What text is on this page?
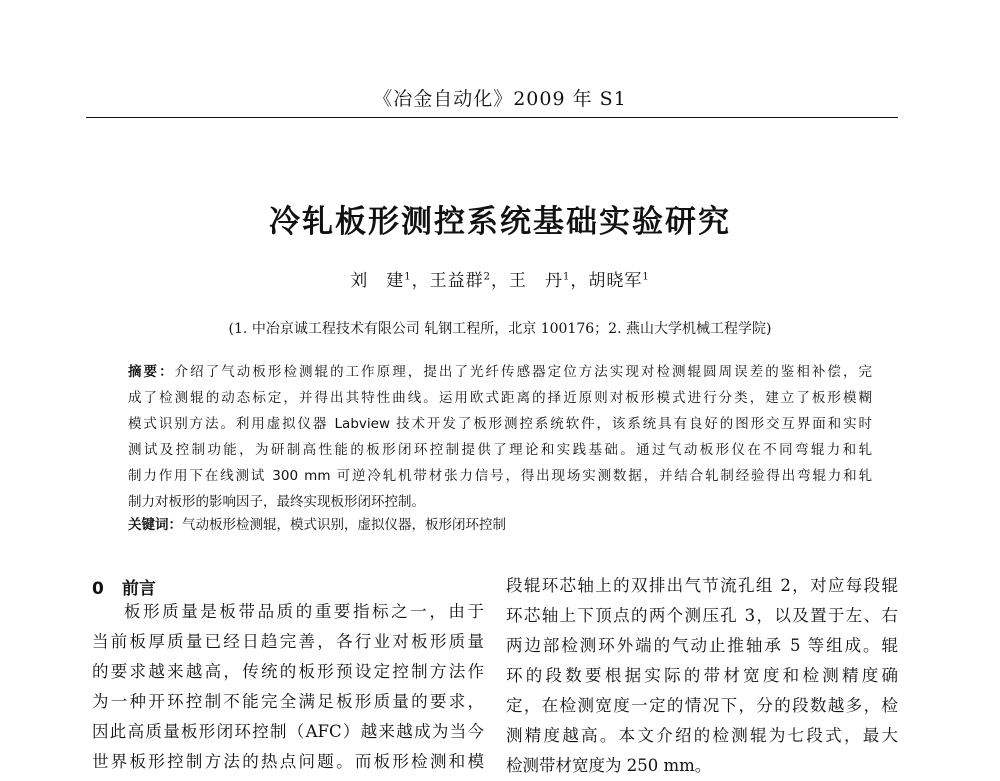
《冶金自动化》2009 年 S1
冷轧板形测控系统基础实验研究
刘　建$^1$，王益群$^2$，王　丹$^1$，胡晓军$^1$
(1. 中冶京诚工程技术有限公司 轧钢工程所，北京 100176；2. 燕山大学机械工程学院)
摘要：介绍了气动板形检测辊的工作原理，提出了光纤传感器定位方法实现对检测辊圆周误差的鉴相补偿，完
成了检测辊的动态标定，并得出其特性曲线。运用欧式距离的择近原则对板形模式进行分类，建立了板形模糊
模式识别方法。利用虚拟仪器 Labview 技术开发了板形测控系统软件，该系统具有良好的图形交互界面和实时
测试及控制功能，为研制高性能的板形闭环控制提供了理论和实践基础。通过气动板形仪在不同弯辊力和轧
制力作用下在线测试 300 mm 可逆冷轧机带材张力信号，得出现场实测数据，并结合轧制经验得出弯辊力和轧
制力对板形的影响因子，最终实现板形闭环控制。
关键词：气动板形检测辊，模式识别，虚拟仪器，板形闭环控制
0 前言
板形质量是板带品质的重要指标之一，由于
当前板厚质量已经日趋完善，各行业对板形质量
的要求越来越高，传统的板形预设定控制方法作
为一种开环控制不能完全满足板形质量的要求，
因此高质量板形闭环控制（AFC）越来越成为当今
世界板形控制方法的热点问题。而板形检测和模
段辊环芯轴上的双排出气节流孔组 2，对应每段辊
环芯轴上下顶点的两个测压孔 3，以及置于左、右
两边部检测环外端的气动止推轴承 5 等组成。辊
环的段数要根据实际的带材宽度和检测精度确
定，在检测宽度一定的情况下，分的段数越多，检
测精度越高。本文介绍的检测辊为七段式，最大
检测带材宽度为 250 mm。
